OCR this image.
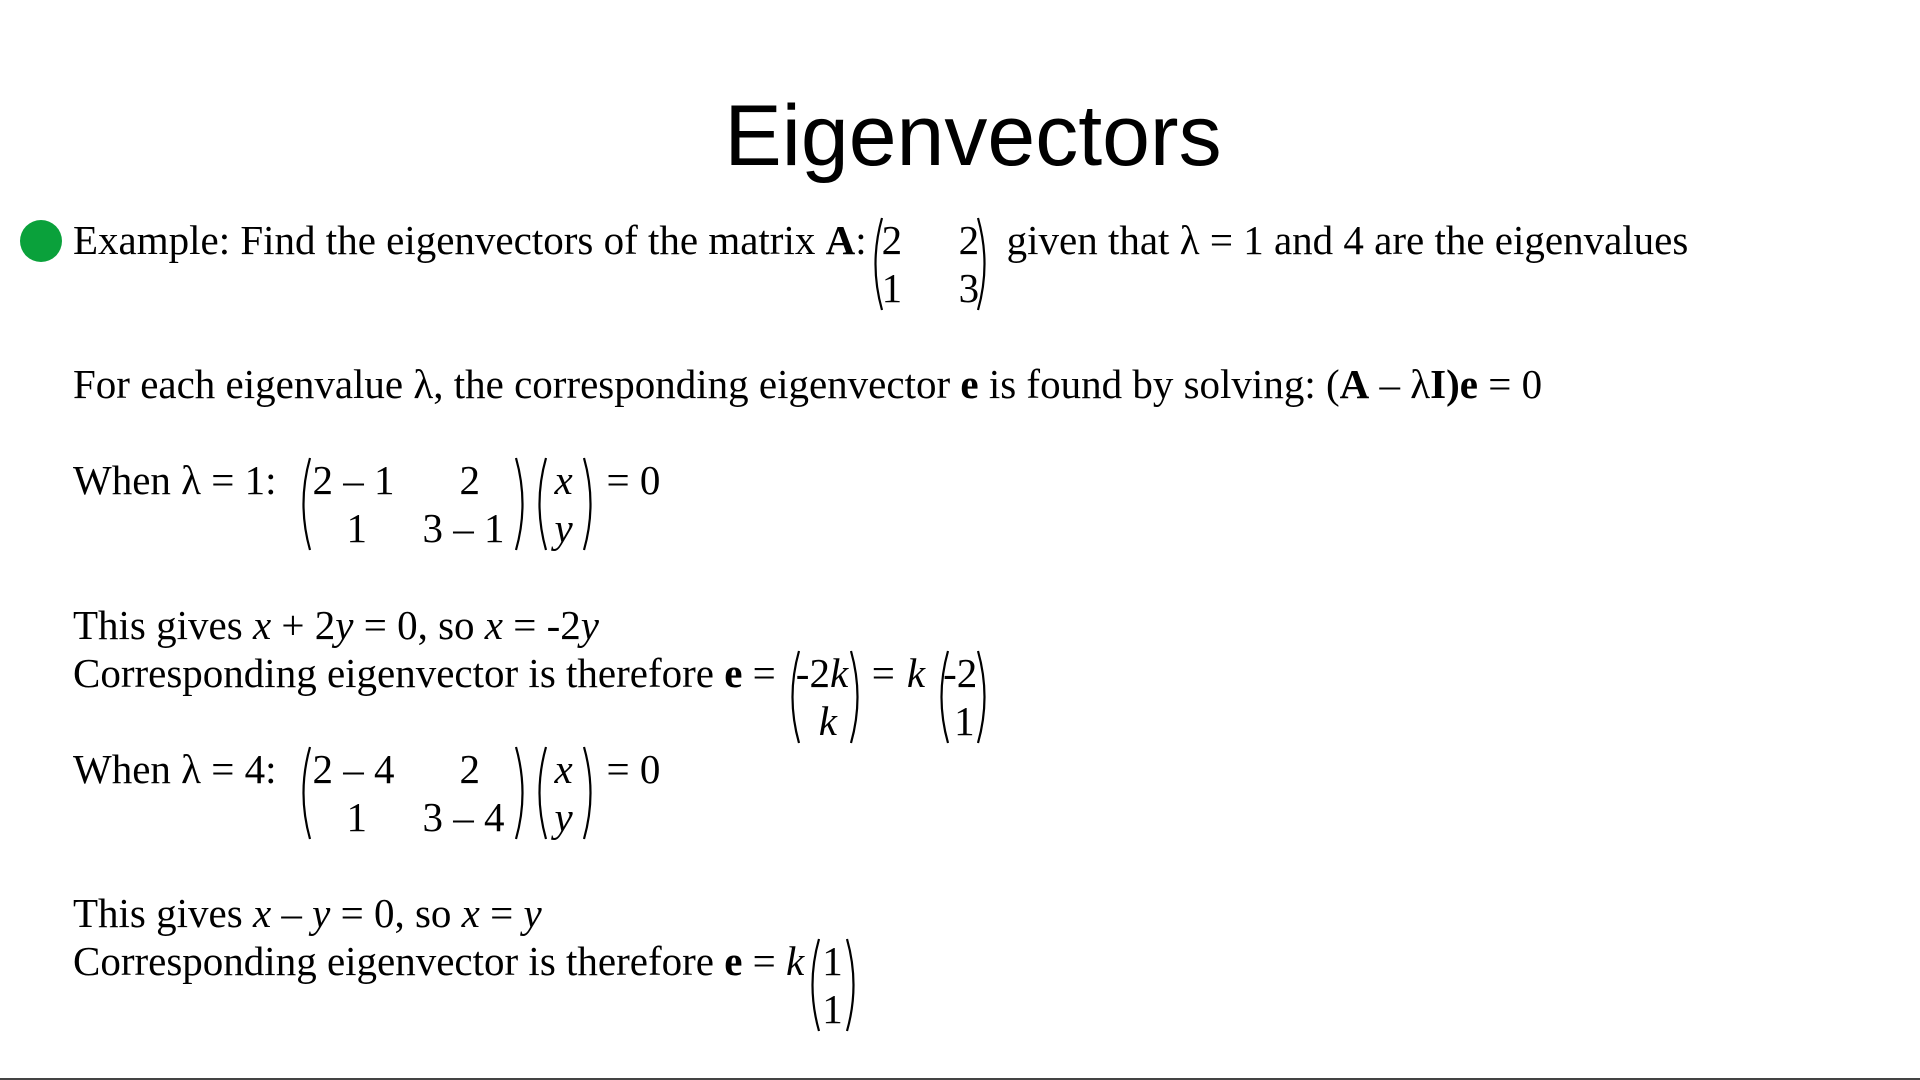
Eigenvectors
Example: Find the eigenvectors of the matrix A: 2 2
1 3
given that λ = 1 and 4 are the eigenvalues
For each eigenvalue λ, the corresponding eigenvector e is found by solving: (A – λI)e = 0
When λ = 1: 2 – 1 2
1 3 – 1
x
y
= 0
This gives x + 2y = 0, so x = -2y
Corresponding eigenvector is therefore e = -2k
k
= k -2
1
When λ = 4: 2 – 4 2
1 3 – 4
x
y
= 0
This gives x – y = 0, so x = y
Corresponding eigenvector is therefore e = k 1
1
